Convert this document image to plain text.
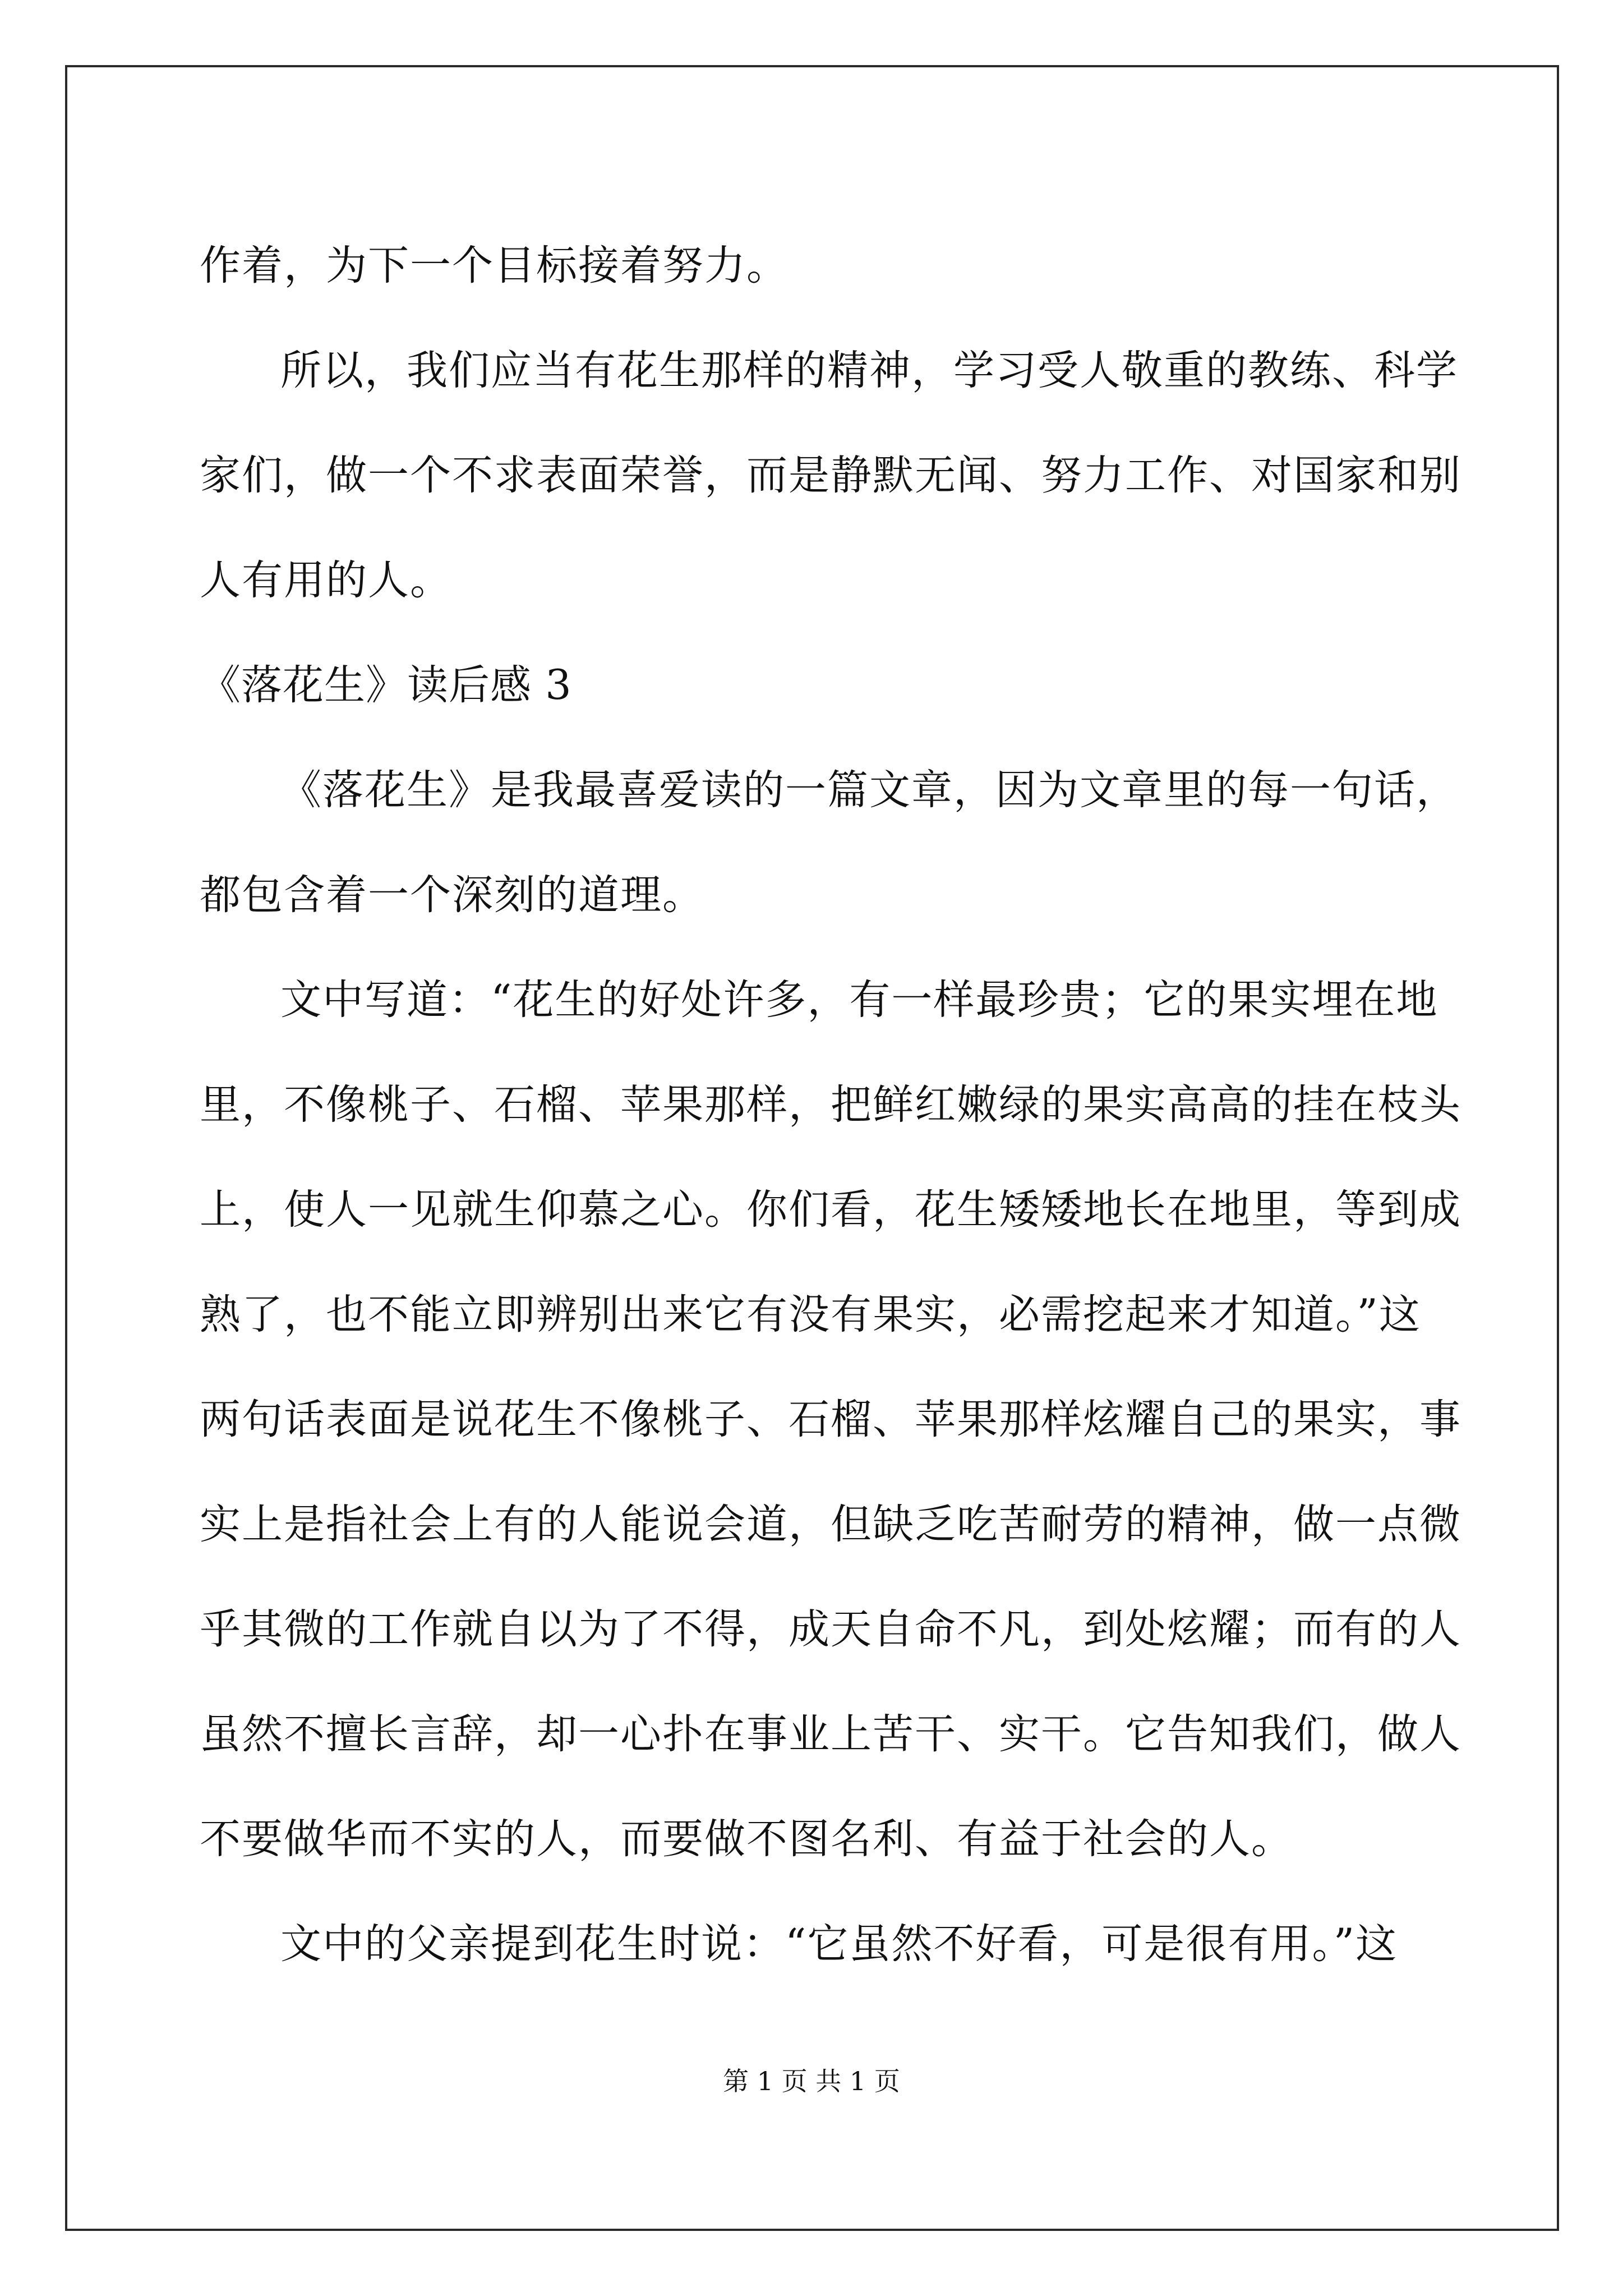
作着，为下一个目标接着努力。
所以，我们应当有花生那样的精神，学习受人敬重的教练、科学
家们，做一个不求表面荣誉，而是静默无闻、努力工作、对国家和别
人有用的人。
《落花生》读后感 3
《落花生》是我最喜爱读的一篇文章，因为文章里的每一句话，
都包含着一个深刻的道理。
文中写道：“花生的好处许多，有一样最珍贵；它的果实埋在地
里，不像桃子、石榴、苹果那样，把鲜红嫩绿的果实高高的挂在枝头
上，使人一见就生仰慕之心。你们看，花生矮矮地长在地里，等到成
熟了，也不能立即辨别出来它有没有果实，必需挖起来才知道。”这
两句话表面是说花生不像桃子、石榴、苹果那样炫耀自己的果实，事
实上是指社会上有的人能说会道，但缺乏吃苦耐劳的精神，做一点微
乎其微的工作就自以为了不得，成天自命不凡，到处炫耀；而有的人
虽然不擅长言辞，却一心扑在事业上苦干、实干。它告知我们，做人
不要做华而不实的人，而要做不图名利、有益于社会的人。
文中的父亲提到花生时说：“它虽然不好看，可是很有用。”这
第 1 页 共 1 页
